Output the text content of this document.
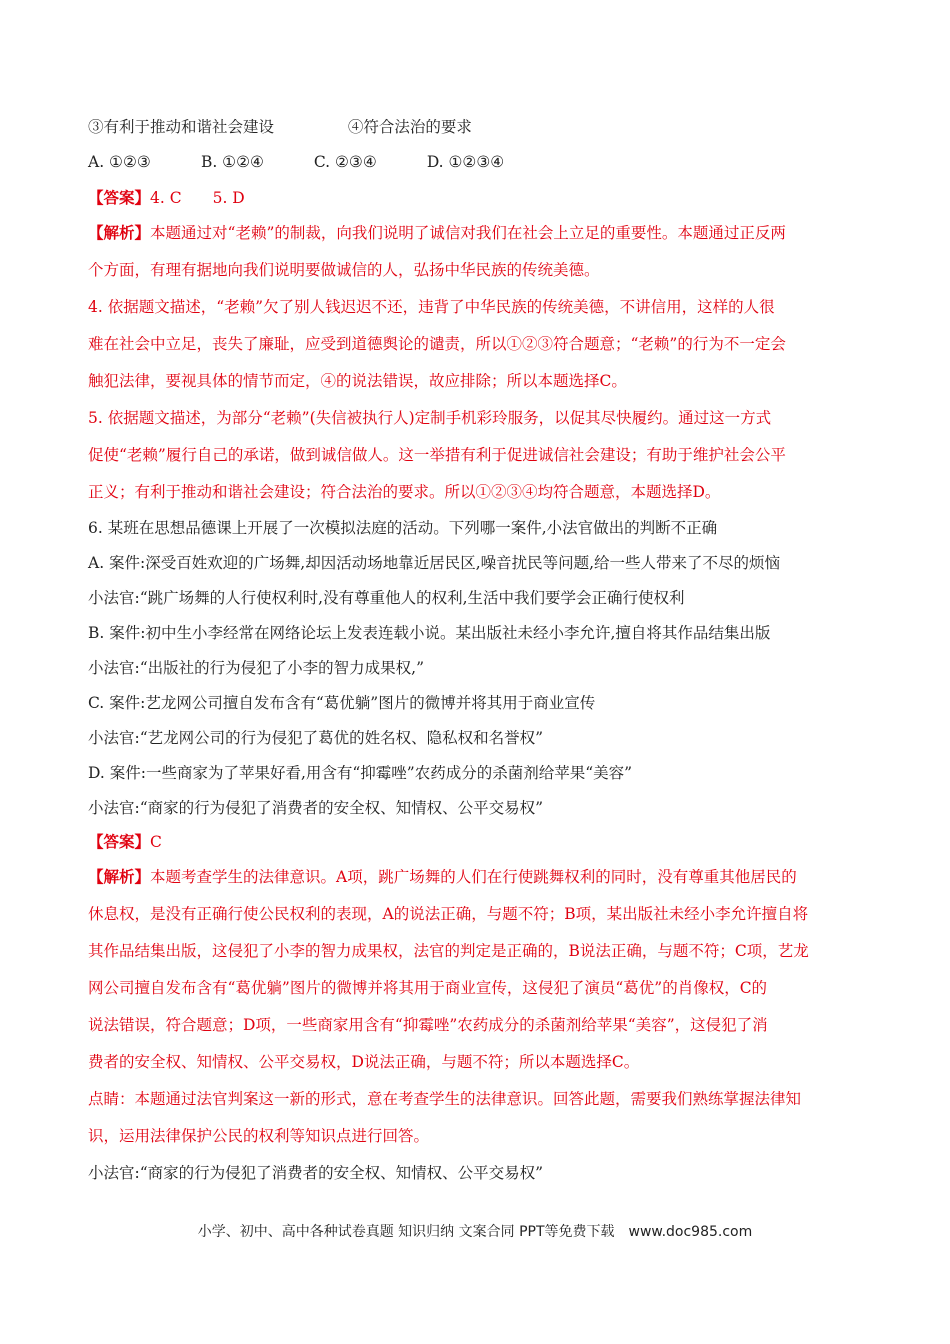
③有利于推动和谐社会建设	④符合法治的要求
A. ①②③	B. ①②④	C. ②③④	D. ①②③④
【答案】4. C　　5. D
【解析】本题通过对“老赖”的制裁，向我们说明了诚信对我们在社会上立足的重要性。本题通过正反两
个方面，有理有据地向我们说明要做诚信的人，弘扬中华民族的传统美德。
4. 依据题文描述，“老赖”欠了别人钱迟迟不还，违背了中华民族的传统美德，不讲信用，这样的人很
难在社会中立足，丧失了廉耻，应受到道德舆论的谴责，所以①②③符合题意；“老赖”的行为不一定会
触犯法律，要视具体的情节而定，④的说法错误，故应排除；所以本题选择C。
5. 依据题文描述，为部分“老赖”(失信被执行人)定制手机彩玲服务，以促其尽快履约。通过这一方式
促使“老赖”履行自己的承诺，做到诚信做人。这一举措有利于促进诚信社会建设；有助于维护社会公平
正义；有利于推动和谐社会建设；符合法治的要求。所以①②③④均符合题意，本题选择D。
6. 某班在思想品德课上开展了一次模拟法庭的活动。下列哪一案件,小法官做出的判断不正确
A. 案件:深受百姓欢迎的广场舞,却因活动场地靠近居民区,噪音扰民等问题,给一些人带来了不尽的烦恼
小法官:“跳广场舞的人行使权利时,没有尊重他人的权利,生活中我们要学会正确行使权利
B. 案件:初中生小李经常在网络论坛上发表连载小说。某出版社未经小李允许,擅自将其作品结集出版
小法官:“出版社的行为侵犯了小李的智力成果权,”
C. 案件:艺龙网公司擅自发布含有“葛优躺”图片的微博并将其用于商业宣传
小法官:“艺龙网公司的行为侵犯了葛优的姓名权、隐私权和名誉权”
D. 案件:一些商家为了苹果好看,用含有“抑霉唑”农药成分的杀菌剂给苹果“美容”
小法官:“商家的行为侵犯了消费者的安全权、知情权、公平交易权”
【答案】C
【解析】本题考查学生的法律意识。A项，跳广场舞的人们在行使跳舞权利的同时，没有尊重其他居民的
休息权，是没有正确行使公民权利的表现，A的说法正确，与题不符；B项，某出版社未经小李允许擅自将
其作品结集出版，这侵犯了小李的智力成果权，法官的判定是正确的，B说法正确，与题不符；C项，艺龙
网公司擅自发布含有“葛优躺”图片的微博并将其用于商业宣传，这侵犯了演员“葛优”的肖像权，C的
说法错误，符合题意；D项，一些商家用含有“抑霉唑”农药成分的杀菌剂给苹果“美容”，这侵犯了消
费者的安全权、知情权、公平交易权，D说法正确，与题不符；所以本题选择C。
点睛：本题通过法官判案这一新的形式，意在考查学生的法律意识。回答此题，需要我们熟练掌握法律知
识，运用法律保护公民的权利等知识点进行回答。
小法官:“商家的行为侵犯了消费者的安全权、知情权、公平交易权”
小学、初中、高中各种试卷真题 知识归纳 文案合同 PPT等免费下载　www.doc985.com
